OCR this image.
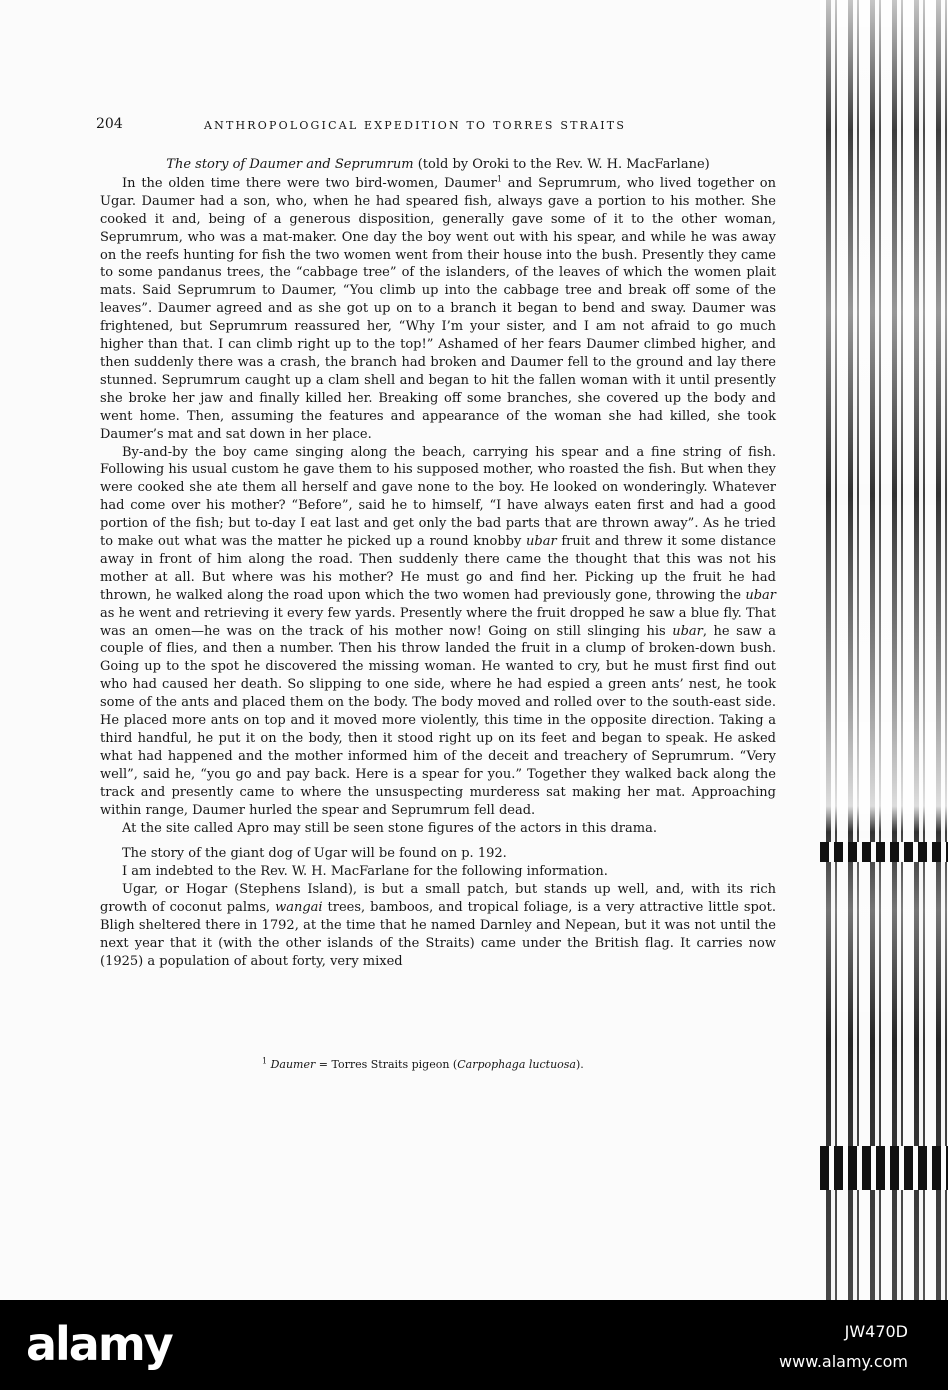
204	ANTHROPOLOGICAL EXPEDITION TO TORRES STRAITS

The story of Daumer and Seprumrum (told by Oroki to the Rev. W. H. MacFarlane)

In the olden time there were two bird-women, Daumer$^1$ and Seprumrum, who lived together on Ugar. Daumer had a son, who, when he had speared fish, always gave a portion to his mother. She cooked it and, being of a generous disposition, generally gave some of it to the other woman, Seprumrum, who was a mat-maker. One day the boy went out with his spear, and while he was away on the reefs hunting for fish the two women went from their house into the bush. Presently they came to some pandanus trees, the “cabbage tree” of the islanders, of the leaves of which the women plait mats. Said Seprumrum to Daumer, “You climb up into the cabbage tree and break off some of the leaves”. Daumer agreed and as she got up on to a branch it began to bend and sway. Daumer was frightened, but Seprumrum reassured her, “Why I’m your sister, and I am not afraid to go much higher than that. I can climb right up to the top!” Ashamed of her fears Daumer climbed higher, and then suddenly there was a crash, the branch had broken and Daumer fell to the ground and lay there stunned. Seprumrum caught up a clam shell and began to hit the fallen woman with it until presently she broke her jaw and finally killed her. Breaking off some branches, she covered up the body and went home. Then, assuming the features and appearance of the woman she had killed, she took Daumer’s mat and sat down in her place.

By-and-by the boy came singing along the beach, carrying his spear and a fine string of fish. Following his usual custom he gave them to his supposed mother, who roasted the fish. But when they were cooked she ate them all herself and gave none to the boy. He looked on wonderingly. Whatever had come over his mother? “Before”, said he to himself, “I have always eaten first and had a good portion of the fish; but to-day I eat last and get only the bad parts that are thrown away”. As he tried to make out what was the matter he picked up a round knobby ubar fruit and threw it some distance away in front of him along the road. Then suddenly there came the thought that this was not his mother at all. But where was his mother? He must go and find her. Picking up the fruit he had thrown, he walked along the road upon which the two women had previously gone, throwing the ubar as he went and retrieving it every few yards. Presently where the fruit dropped he saw a blue fly. That was an omen—he was on the track of his mother now! Going on still slinging his ubar, he saw a couple of flies, and then a number. Then his throw landed the fruit in a clump of broken-down bush. Going up to the spot he discovered the missing woman. He wanted to cry, but he must first find out who had caused her death. So slipping to one side, where he had espied a green ants’ nest, he took some of the ants and placed them on the body. The body moved and rolled over to the south-east side. He placed more ants on top and it moved more violently, this time in the opposite direction. Taking a third handful, he put it on the body, then it stood right up on its feet and began to speak. He asked what had happened and the mother informed him of the deceit and treachery of Seprumrum. “Very well”, said he, “you go and pay back. Here is a spear for you.” Together they walked back along the track and presently came to where the unsuspecting murderess sat making her mat. Approaching within range, Daumer hurled the spear and Seprumrum fell dead.

At the site called Apro may still be seen stone figures of the actors in this drama.

The story of the giant dog of Ugar will be found on p. 192.

I am indebted to the Rev. W. H. MacFarlane for the following information.

Ugar, or Hogar (Stephens Island), is but a small patch, but stands up well, and, with its rich growth of coconut palms, wangai trees, bamboos, and tropical foliage, is a very attractive little spot. Bligh sheltered there in 1792, at the time that he named Darnley and Nepean, but it was not until the next year that it (with the other islands of the Straits) came under the British flag. It carries now (1925) a population of about forty, very mixed

$^1$ Daumer = Torres Straits pigeon (Carpophaga luctuosa).
alamy	JW470D
www.alamy.com
